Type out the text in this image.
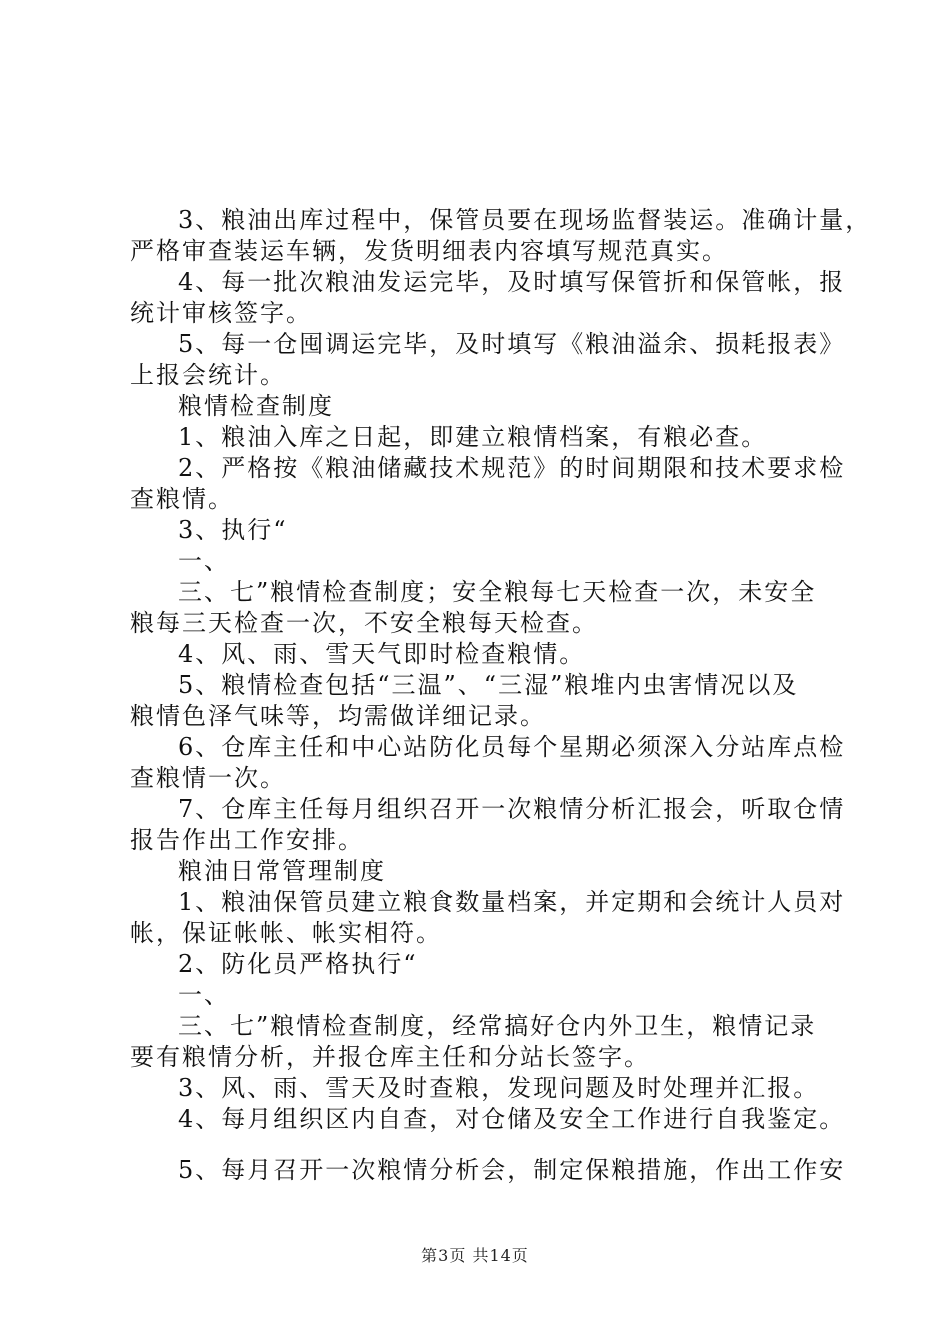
3、粮油出库过程中，保管员要在现场监督装运。准确计量，
严格审查装运车辆，发货明细表内容填写规范真实。
4、每一批次粮油发运完毕，及时填写保管折和保管帐，报
统计审核签字。
5、每一仓囤调运完毕，及时填写《粮油溢余、损耗报表》
上报会统计。
粮情检查制度
1、粮油入库之日起，即建立粮情档案，有粮必查。
2、严格按《粮油储藏技术规范》的时间期限和技术要求检
查粮情。
3、执行“
一、
三、七”粮情检查制度；安全粮每七天检查一次，未安全
粮每三天检查一次，不安全粮每天检查。
4、风、雨、雪天气即时检查粮情。
5、粮情检查包括“三温”、“三湿”粮堆内虫害情况以及
粮情色泽气味等，均需做详细记录。
6、仓库主任和中心站防化员每个星期必须深入分站库点检
查粮情一次。
7、仓库主任每月组织召开一次粮情分析汇报会，听取仓情
报告作出工作安排。
粮油日常管理制度
1、粮油保管员建立粮食数量档案，并定期和会统计人员对
帐，保证帐帐、帐实相符。
2、防化员严格执行“
一、
三、七”粮情检查制度，经常搞好仓内外卫生，粮情记录
要有粮情分析，并报仓库主任和分站长签字。
3、风、雨、雪天及时查粮，发现问题及时处理并汇报。
4、每月组织区内自查，对仓储及安全工作进行自我鉴定。
5、每月召开一次粮情分析会，制定保粮措施，作出工作安
第3页 共14页
